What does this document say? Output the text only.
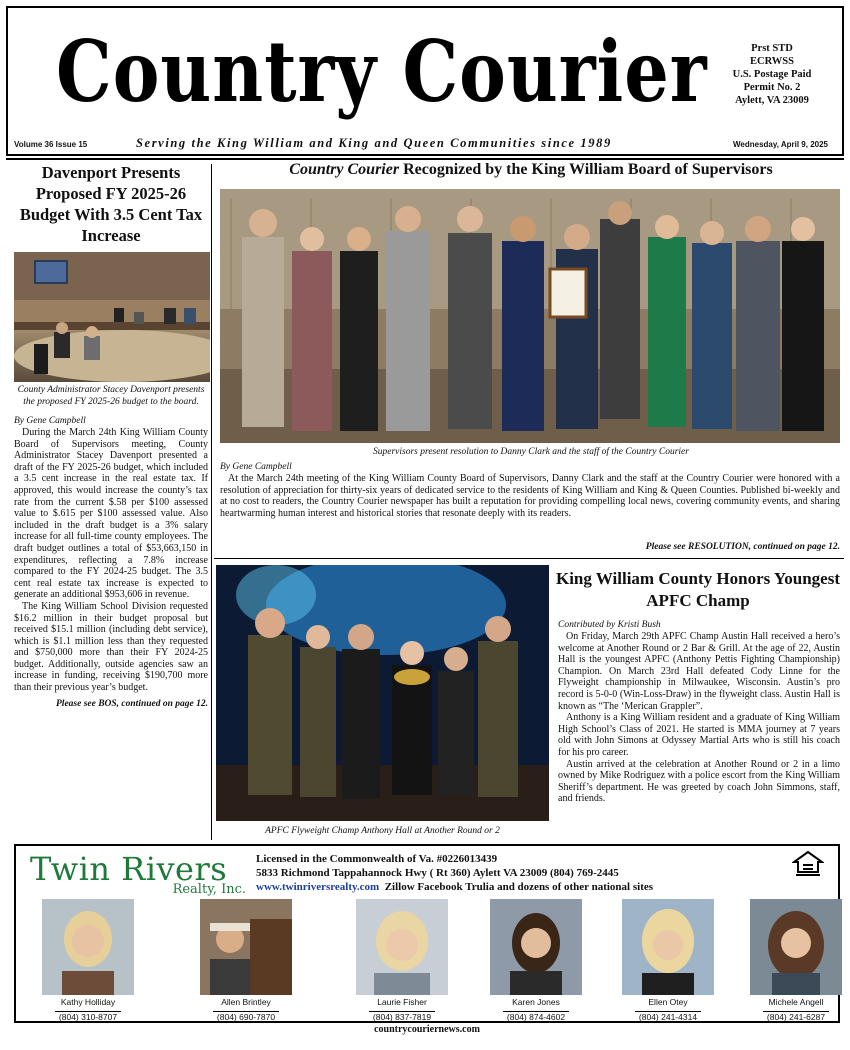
Country Courier	Prst STD
ECRWSS
U.S. Postage Paid
Permit No. 2
Aylett, VA 23009
Volume 36 Issue 15	Serving the King William and King and Queen Communities since 1989	Wednesday, April 9, 2025
Davenport Presents Proposed FY 2025-26 Budget With 3.5 Cent Tax Increase
County Administrator Stacey Davenport presents the proposed FY 2025-26 budget to the board.
By Gene Campbell

During the March 24th King William County Board of Supervisors meeting, County Administrator Stacey Davenport presented a draft of the FY 2025-26 budget, which included a 3.5 cent increase in the real estate tax. If approved, this would increase the county’s tax rate from the current $.58 per $100 assessed value to $.615 per $100 assessed value. Also included in the draft budget is a 3% salary increase for all full-time county employees. The draft budget outlines a total of $53,663,150 in expenditures, reflecting a 7.8% increase compared to the FY 2024-25 budget. The 3.5 cent real estate tax increase is expected to generate an additional $953,606 in revenue.

The King William School Division requested $16.2 million in their budget proposal but received $15.1 million (including debt service), which is $1.1 million less than they requested and $750,000 more than their FY 2024-25 budget. Additionally, outside agencies saw an increase in funding, receiving $190,700 more than their previous year’s budget.

Please see BOS, continued on page 12.
Country Courier Recognized by the King William Board of Supervisors
Supervisors present resolution to Danny Clark and the staff of the Country Courier
By Gene Campbell

At the March 24th meeting of the King William County Board of Supervisors, Danny Clark and the staff at the Country Courier were honored with a resolution of appreciation for thirty-six years of dedicated service to the residents of King William and King & Queen Counties. Published bi-weekly and at no cost to readers, the Country Courier newspaper has built a reputation for providing compelling local news, covering community events, and sharing heartwarming human interest and historical stories that resonate deeply with its readers.

Please see RESOLUTION, continued on page 12.
APFC Flyweight Champ Anthony Hall at Another Round or 2
King William County Honors Youngest APFC Champ
Contributed by Kristi Bush

On Friday, March 29th APFC Champ Austin Hall received a hero’s welcome at Another Round or 2 Bar & Grill. At the age of 22, Austin Hall is the youngest APFC (Anthony Pettis Fighting Championship) Champion. On March 23rd Hall defeated Cody Linne for the Flyweight championship in Milwaukee, Wisconsin. Austin’s pro record is 5-0-0 (Win-Loss-Draw) in the flyweight class. Austin Hall is known as “The ‘Merican Grappler”.

Anthony is a King William resident and a graduate of King William High School’s Class of 2021. He started is MMA journey at 7 years old with John Simons at Odyssey Martial Arts who is still his coach for his pro career.

Austin arrived at the celebration at Another Round or 2 in a limo owned by Mike Rodriguez with a police escort from the King William Sheriff’s department. He was greeted by coach John Simmons, staff, and friends.

Twin Rivers
Realty, Inc.
Licensed in the Commonwealth of Va. #0226013439
5833 Richmond Tappahannock Hwy ( Rt 360) Aylett VA 23009 (804) 769-2445
www.twinriversrealty.com Zillow Facebook Trulia and dozens of other national sites
Kathy Holliday
(804) 310-8707
Allen Brintley
(804) 690-7870
Laurie Fisher
(804) 837-7819
Karen Jones
(804) 874-4602
Ellen Otey
(804) 241-4314
Michele Angell
(804) 241-6287
countrycouriernews.com
